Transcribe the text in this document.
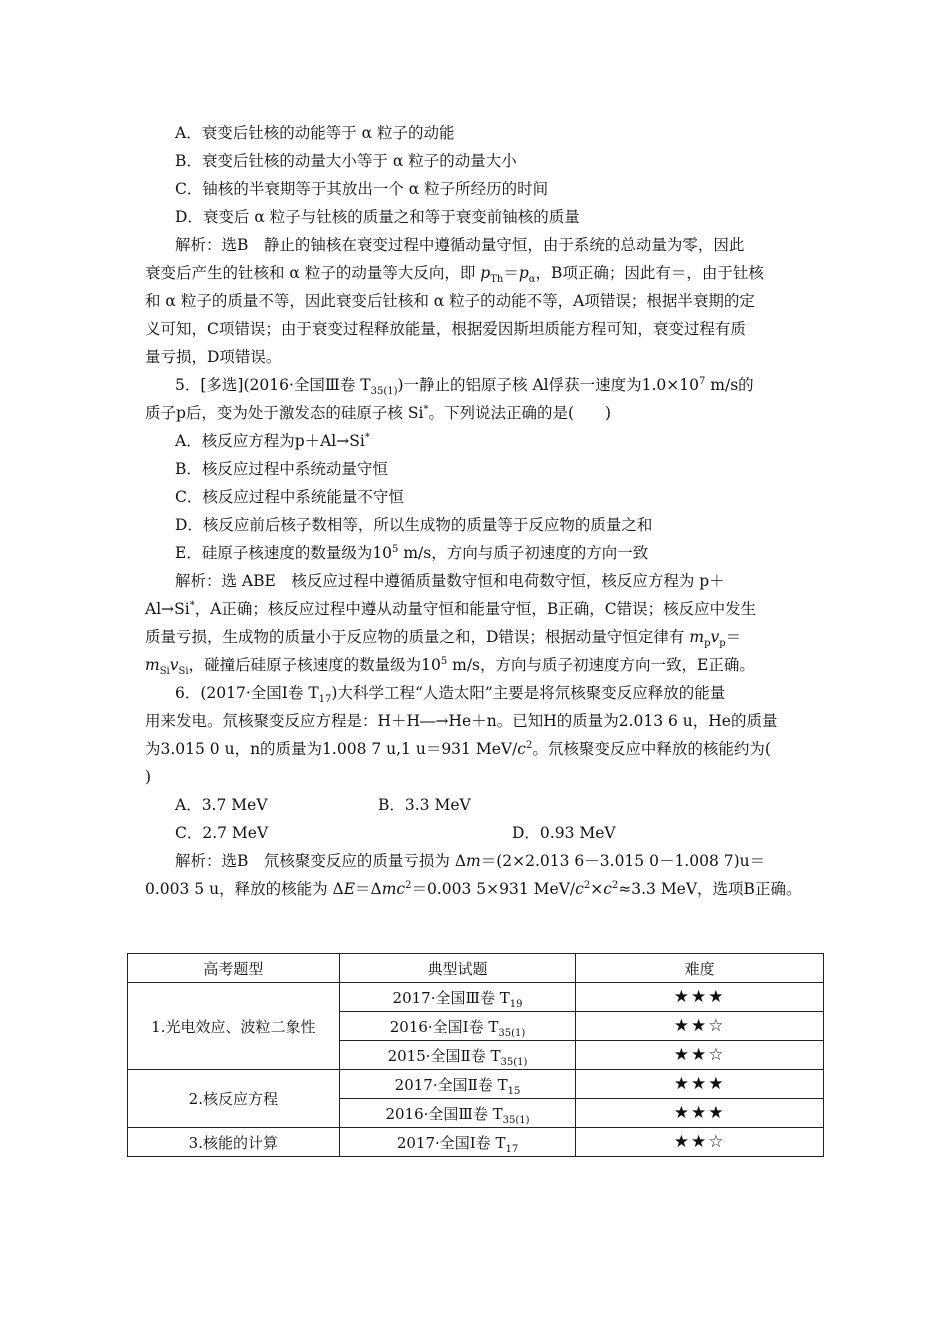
A．衰变后钍核的动能等于 α 粒子的动能
B．衰变后钍核的动量大小等于 α 粒子的动量大小
C．铀核的半衰期等于其放出一个 α 粒子所经历的时间
D．衰变后 α 粒子与钍核的质量之和等于衰变前铀核的质量
解析：选B　静止的铀核在衰变过程中遵循动量守恒，由于系统的总动量为零，因此
衰变后产生的钍核和 α 粒子的动量等大反向，即 $p_{Th}=p_\alpha$，B项正确；因此有＝，由于钍核
和 α 粒子的质量不等，因此衰变后钍核和 α 粒子的动能不等，A项错误；根据半衰期的定
义可知，C项错误；由于衰变过程释放能量，根据爱因斯坦质能方程可知，衰变过程有质
量亏损，D项错误。
5．[多选](2016·全国Ⅲ卷 $T_{35(1)}$)一静止的铝原子核 Al俘获一速度为$1.0\times 10^7$ m/s的
质子p后，变为处于激发态的硅原子核 Si*。下列说法正确的是(　　)
A．核反应方程为p＋Al→Si*
B．核反应过程中系统动量守恒
C．核反应过程中系统能量不守恒
D．核反应前后核子数相等，所以生成物的质量等于反应物的质量之和
E．硅原子核速度的数量级为$10^5$ m/s，方向与质子初速度的方向一致
解析：选 ABE　核反应过程中遵循质量数守恒和电荷数守恒，核反应方程为 p＋
Al→Si*，A正确；核反应过程中遵从动量守恒和能量守恒，B正确，C错误；核反应中发生
质量亏损，生成物的质量小于反应物的质量之和，D错误；根据动量守恒定律有 $m_pv_p=$
$m_{Si}v_{Si}$，碰撞后硅原子核速度的数量级为$10^5$ m/s，方向与质子初速度方向一致，E正确。
6．(2017·全国Ⅰ卷 $T_{17}$)大科学工程“人造太阳”主要是将氘核聚变反应释放的能量
用来发电。氘核聚变反应方程是：H＋H―→He＋n。已知H的质量为2.013 6 u，He的质量
为3.015 0 u，n的质量为1.008 7 u,1 u＝931 MeV/$c^2$。氘核聚变反应中释放的核能约为(
)
A．3.7 MeV	B．3.3 MeV
C．2.7 MeV	D．0.93 MeV
解析：选B　氘核聚变反应的质量亏损为 Δm＝(2×2.013 6－3.015 0－1.008 7)u＝
0.003 5 u，释放的核能为 ΔE＝Δmc$^2$＝0.003 5×931 MeV/$c^2\times c^2\approx 3.3$ MeV，选项B正确。
高考题型	典型试题	难度
1.光电效应、波粒二象性	2017·全国Ⅲ卷 $T_{19}$	★★★
	2016·全国Ⅰ卷 $T_{35(1)}$	★★☆
	2015·全国Ⅱ卷 $T_{35(1)}$	★★☆
2.核反应方程	2017·全国Ⅱ卷 $T_{15}$	★★★
	2016·全国Ⅲ卷 $T_{35(1)}$	★★★
3.核能的计算	2017·全国Ⅰ卷 $T_{17}$	★★☆
